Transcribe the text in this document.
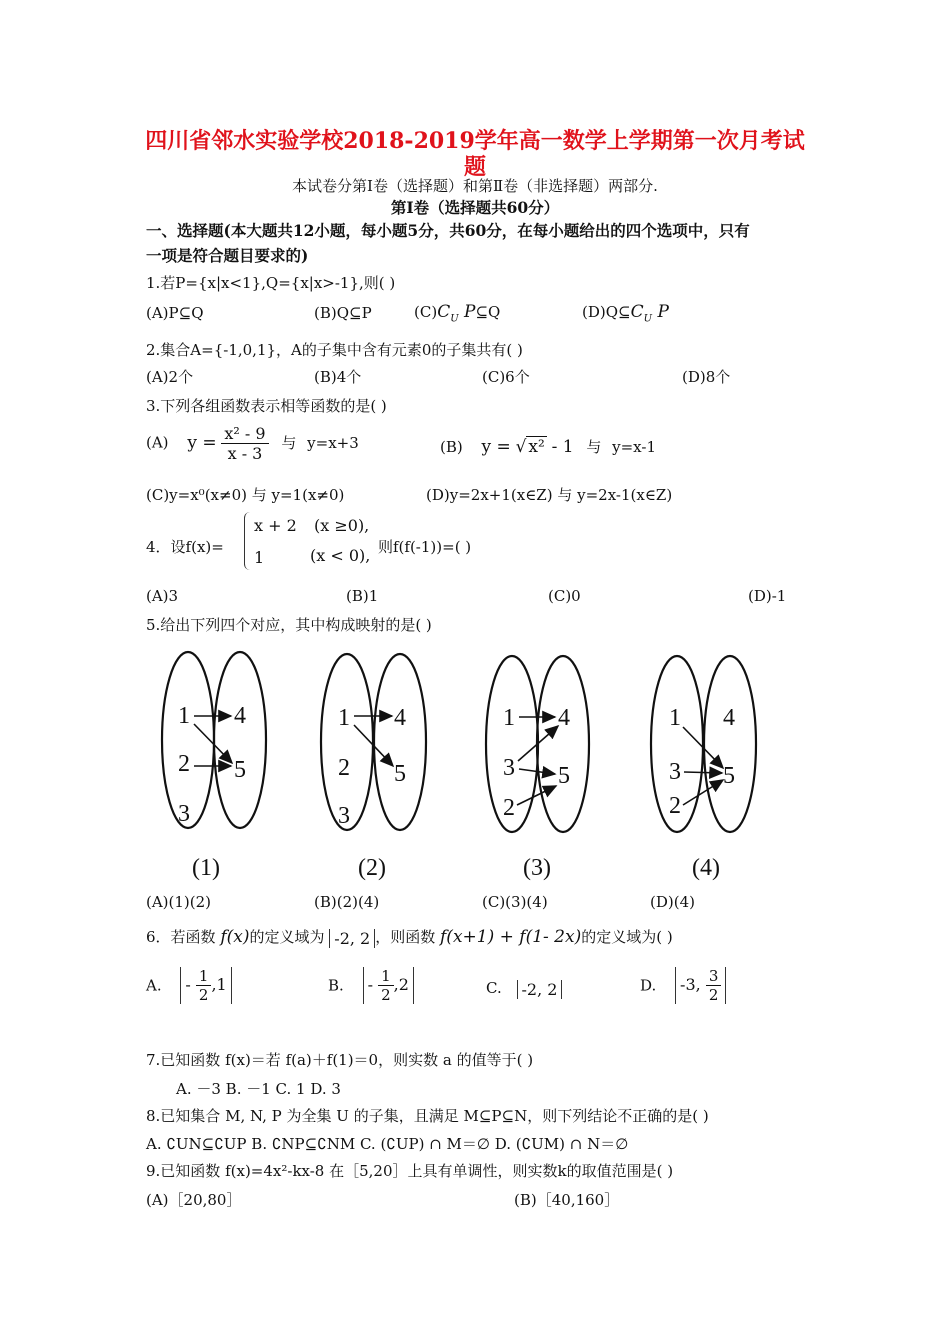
四川省邻水实验学校2018-2019学年高一数学上学期第一次月考试
题
本试卷分第Ⅰ卷（选择题）和第Ⅱ卷（非选择题）两部分.
第Ⅰ卷（选择题共60分）
一、选择题(本大题共12小题，每小题5分，共60分，在每小题给出的四个选项中，只有
一项是符合题目要求的)
1.若P={x|x<1},Q={x|x>-1},则( )
(A)P⊆Q	(B)Q⊆P	$(C)C_U$ P⊆Q	$(D)Q⊆C_U$ P
2.集合A={-1,0,1}，A的子集中含有元素0的子集共有( )
(A)2个	(B)4个	(C)6个	(D)8个
3.下列各组函数表示相等函数的是( )
(A) $y = \frac{\text{x² - 9}}{x - 3}$ 与 y=x+3	(B) y = √ x² - 1 与 y=x-1
(C)y=x⁰(x≠0) 与 y=1(x≠0)	(D)y=2x+1(x∈Z) 与 y=2x-1(x∈Z)
4．设f(x)=
x + 2 (x ≥0),
1	(x < 0), 则f(f(-1))=( )
(A)3	(B)1	(C)0	(D)-1
5.给出下列四个对应，其中构成映射的是( )
1
2
3
4
5
1
2
3
4
5
1
3
2
4
5
1
3
2
4
5
(1)	(2)	(3)	(4)
(A)(1)(2)	(B)(2)(4)	(C)(3)(4)	(D)(4)
6．若函数 f(x)的定义域为 -2, 2 ，则函数 f(x+1) + f(1- 2x)的定义域为( )
A. - $\frac{1}{2} ,1$	B. - $\frac{1}{2} ,2$	C. -2, 2	D. -3, $\frac{3}{2}$
7.已知函数 f(x)＝若 f(a)＋f(1)＝0，则实数 a 的值等于( )
A. －3 B. －1 C. 1 D. 3
8.已知集合 M, N, P 为全集 U 的子集，且满足 M⊆P⊆N，则下列结论不正确的是( )
A. ∁UN⊆∁UP B. ∁NP⊆∁NM C. (∁UP) ∩ M＝∅ D. (∁UM) ∩ N＝∅
9.已知函数 f(x)=4x²-kx-8 在［5,20］上具有单调性，则实数k的取值范围是( )
(A)［20,80］	(B)［40,160］
